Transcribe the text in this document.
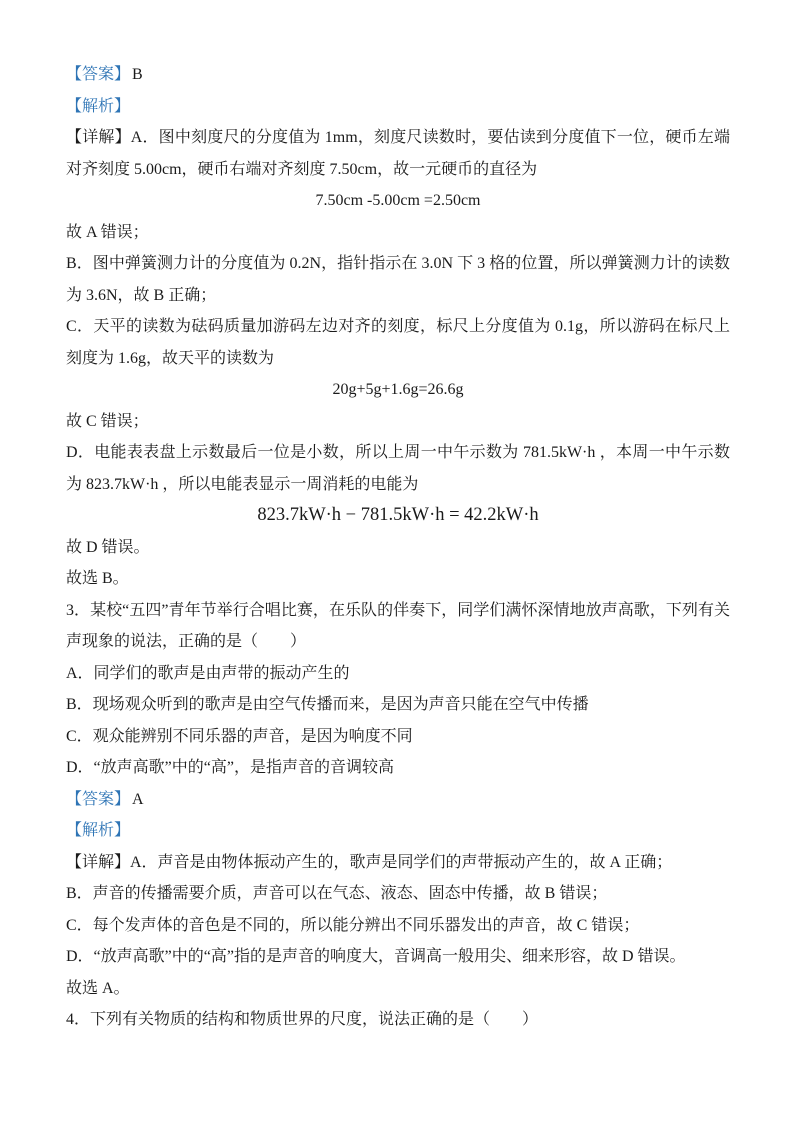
【答案】 B

【解析】

【详解】A．图中刻度尺的分度值为 1mm，刻度尺读数时，要估读到分度值下一位，硬币左端对齐刻度 5.00cm，硬币右端对齐刻度 7.50cm，故一元硬币的直径为

7.50cm -5.00cm =2.50cm

故 A 错误；

B．图中弹簧测力计的分度值为 0.2N，指针指示在 3.0N 下 3 格的位置，所以弹簧测力计的读数为 3.6N，故 B 正确；

C．天平的读数为砝码质量加游码左边对齐的刻度，标尺上分度值为 0.1g，所以游码在标尺上刻度为 1.6g，故天平的读数为

20g+5g+1.6g=26.6g

故 C 错误；

D．电能表表盘上示数最后一位是小数，所以上周一中午示数为 781.5kW·h ，本周一中午示数为 823.7kW·h ，所以电能表显示一周消耗的电能为

823.7kW·h − 781.5kW·h = 42.2kW·h

故 D 错误。

故选 B。

3．某校“五四”青年节举行合唱比赛，在乐队的伴奏下，同学们满怀深情地放声高歌，下列有关声现象的说法，正确的是（　　）

A．同学们的歌声是由声带的振动产生的

B．现场观众听到的歌声是由空气传播而来，是因为声音只能在空气中传播

C．观众能辨别不同乐器的声音，是因为响度不同

D．“放声高歌”中的“高”，是指声音的音调较高

【答案】 A

【解析】

【详解】A．声音是由物体振动产生的，歌声是同学们的声带振动产生的，故 A 正确；

B．声音的传播需要介质，声音可以在气态、液态、固态中传播，故 B 错误；

C．每个发声体的音色是不同的，所以能分辨出不同乐器发出的声音，故 C 错误；

D．“放声高歌”中的“高”指的是声音的响度大，音调高一般用尖、细来形容，故 D 错误。

故选 A。

4．下列有关物质的结构和物质世界的尺度，说法正确的是（　　）
